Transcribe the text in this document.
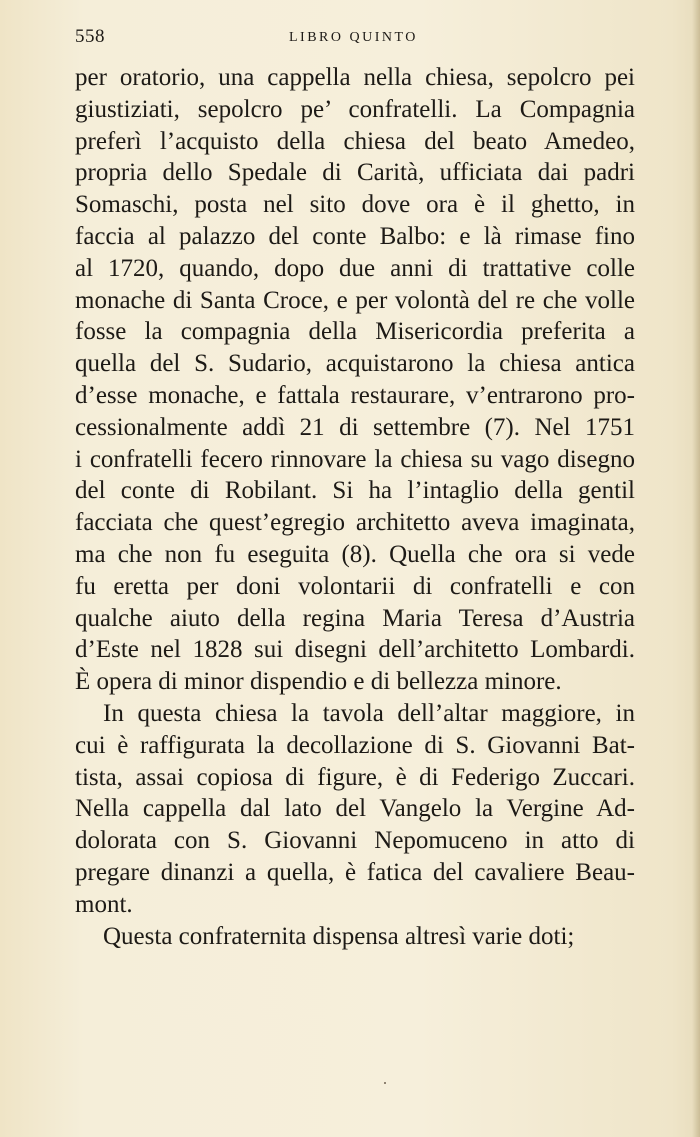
558	LIBRO QUINTO
per oratorio, una cappella nella chiesa, sepolcro pei
giustiziati, sepolcro pe’ confratelli. La Compagnia
preferì l’acquisto della chiesa del beato Amedeo,
propria dello Spedale di Carità, ufficiata dai padri
Somaschi, posta nel sito dove ora è il ghetto, in
faccia al palazzo del conte Balbo: e là rimase fino
al 1720, quando, dopo due anni di trattative colle
monache di Santa Croce, e per volontà del re che volle
fosse la compagnia della Misericordia preferita a
quella del S. Sudario, acquistarono la chiesa antica
d’esse monache, e fattala restaurare, v’entrarono pro-
cessionalmente addì 21 di settembre (7). Nel 1751
i confratelli fecero rinnovare la chiesa su vago disegno
del conte di Robilant. Si ha l’intaglio della gentil
facciata che quest’egregio architetto aveva imaginata,
ma che non fu eseguita (8). Quella che ora si vede
fu eretta per doni volontarii di confratelli e con
qualche aiuto della regina Maria Teresa d’Austria
d’Este nel 1828 sui disegni dell’architetto Lombardi.
È opera di minor dispendio e di bellezza minore.
In questa chiesa la tavola dell’altar maggiore, in
cui è raffigurata la decollazione di S. Giovanni Bat-
tista, assai copiosa di figure, è di Federigo Zuccari.
Nella cappella dal lato del Vangelo la Vergine Ad-
dolorata con S. Giovanni Nepomuceno in atto di
pregare dinanzi a quella, è fatica del cavaliere Beau-
mont.
Questa confraternita dispensa altresì varie doti;
